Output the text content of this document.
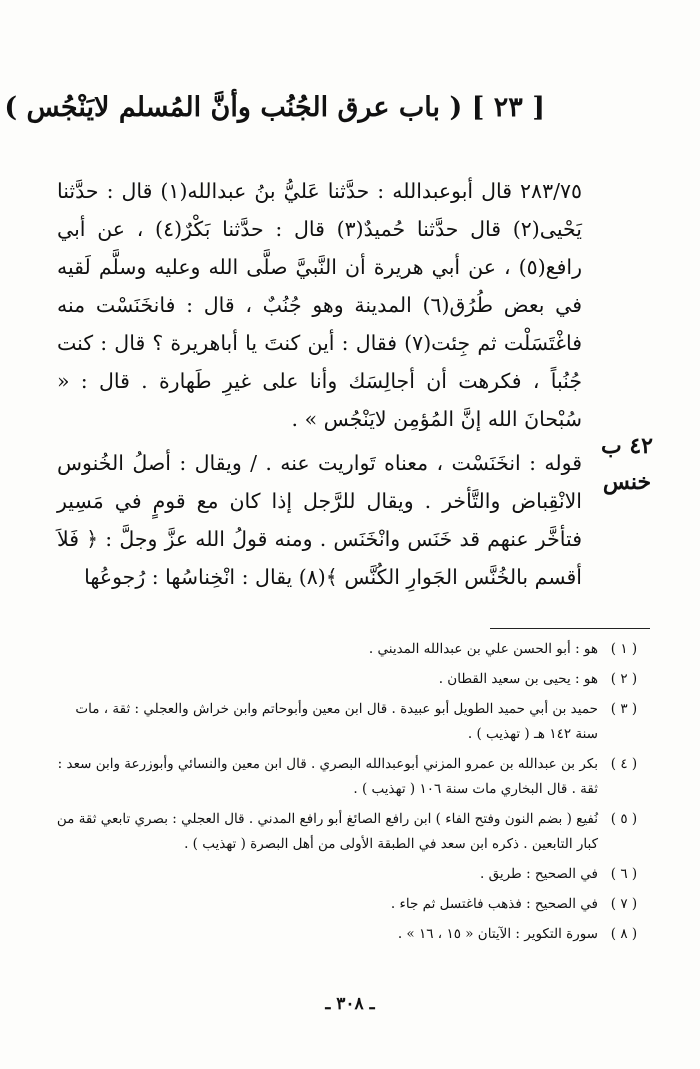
[ ٢٣ ] ( باب عرق الجُنُب وأنَّ المُسلم لايَنْجُس )

٢٨٣/٧٥ قال أبوعبدالله : حدَّثنا عَليُّ بنُ عبدالله(١) قال : حدَّثنا يَحْيى(٢) قال حدَّثنا حُميدٌ(٣) قال : حدَّثنا بَكْرٌ(٤) ، عن أبي رافع(٥) ، عن أبي هريرة أن النَّبيَّ صلَّى الله وعليه وسلَّم لَقيه في بعض طُرُق(٦) المدينة وهو جُنُبٌ ، قال : فانخَنَسْت منه فاغْتَسَلْت ثم جِئت(٧) فقال : أين كنتَ يا أباهريرة ؟ قال : كنت جُنُباً ، فكرهت أن أجالِسَك وأنا على غيرِ طَهارة . قال : « سُبْحانَ الله إنَّ المُؤمِن لايَنْجُس » .

قوله : انخَنَسْت ، معناه تَواريت عنه . / ويقال : أصلُ الخُنوس الانْقِباض والتَّأخر . ويقال للرَّجل إذا كان مع قومٍ في مَسِير فتأخَّر عنهم قد خَنَس وانْخَنَس . ومنه قولُ الله عزَّ وجلَّ : ﴿ فَلاَ أقسم بالخُنَّس الجَوارِ الكُنَّس ﴾(٨) يقال : انْخِناسُها : رُجوعُها

٤٢ ب
خنس
( ١ )
هو : أبو الحسن علي بن عبدالله المديني .
( ٢ )
هو : يحيى بن سعيد القطان .
( ٣ )
حميد بن أبي حميد الطويل أبو عبيدة . قال ابن معين وأبوحاتم وابن خراش والعجلي : ثقة ، مات سنة ١٤٢ هـ ( تهذيب ) .
( ٤ )
بكر بن عبدالله بن عمرو المزني أبوعبدالله البصري . قال ابن معين والنسائي وأبوزرعة وابن سعد : ثقة . قال البخاري مات سنة ١٠٦ ( تهذيب ) .
( ٥ )
نُفيع ( بضم النون وفتح الفاء ) ابن رافع الصائغ أبو رافع المدني . قال العجلي : بصري تابعي ثقة من كبار التابعين . ذكره ابن سعد في الطبقة الأولى من أهل البصرة ( تهذيب ) .
( ٦ )
في الصحيح : طريق .
( ٧ )
في الصحيح : فذهب فاغتسل ثم جاء .
( ٨ )
سورة التكوير : الآيتان « ١٥ ، ١٦ » .
ـ ٣٠٨ ـ
